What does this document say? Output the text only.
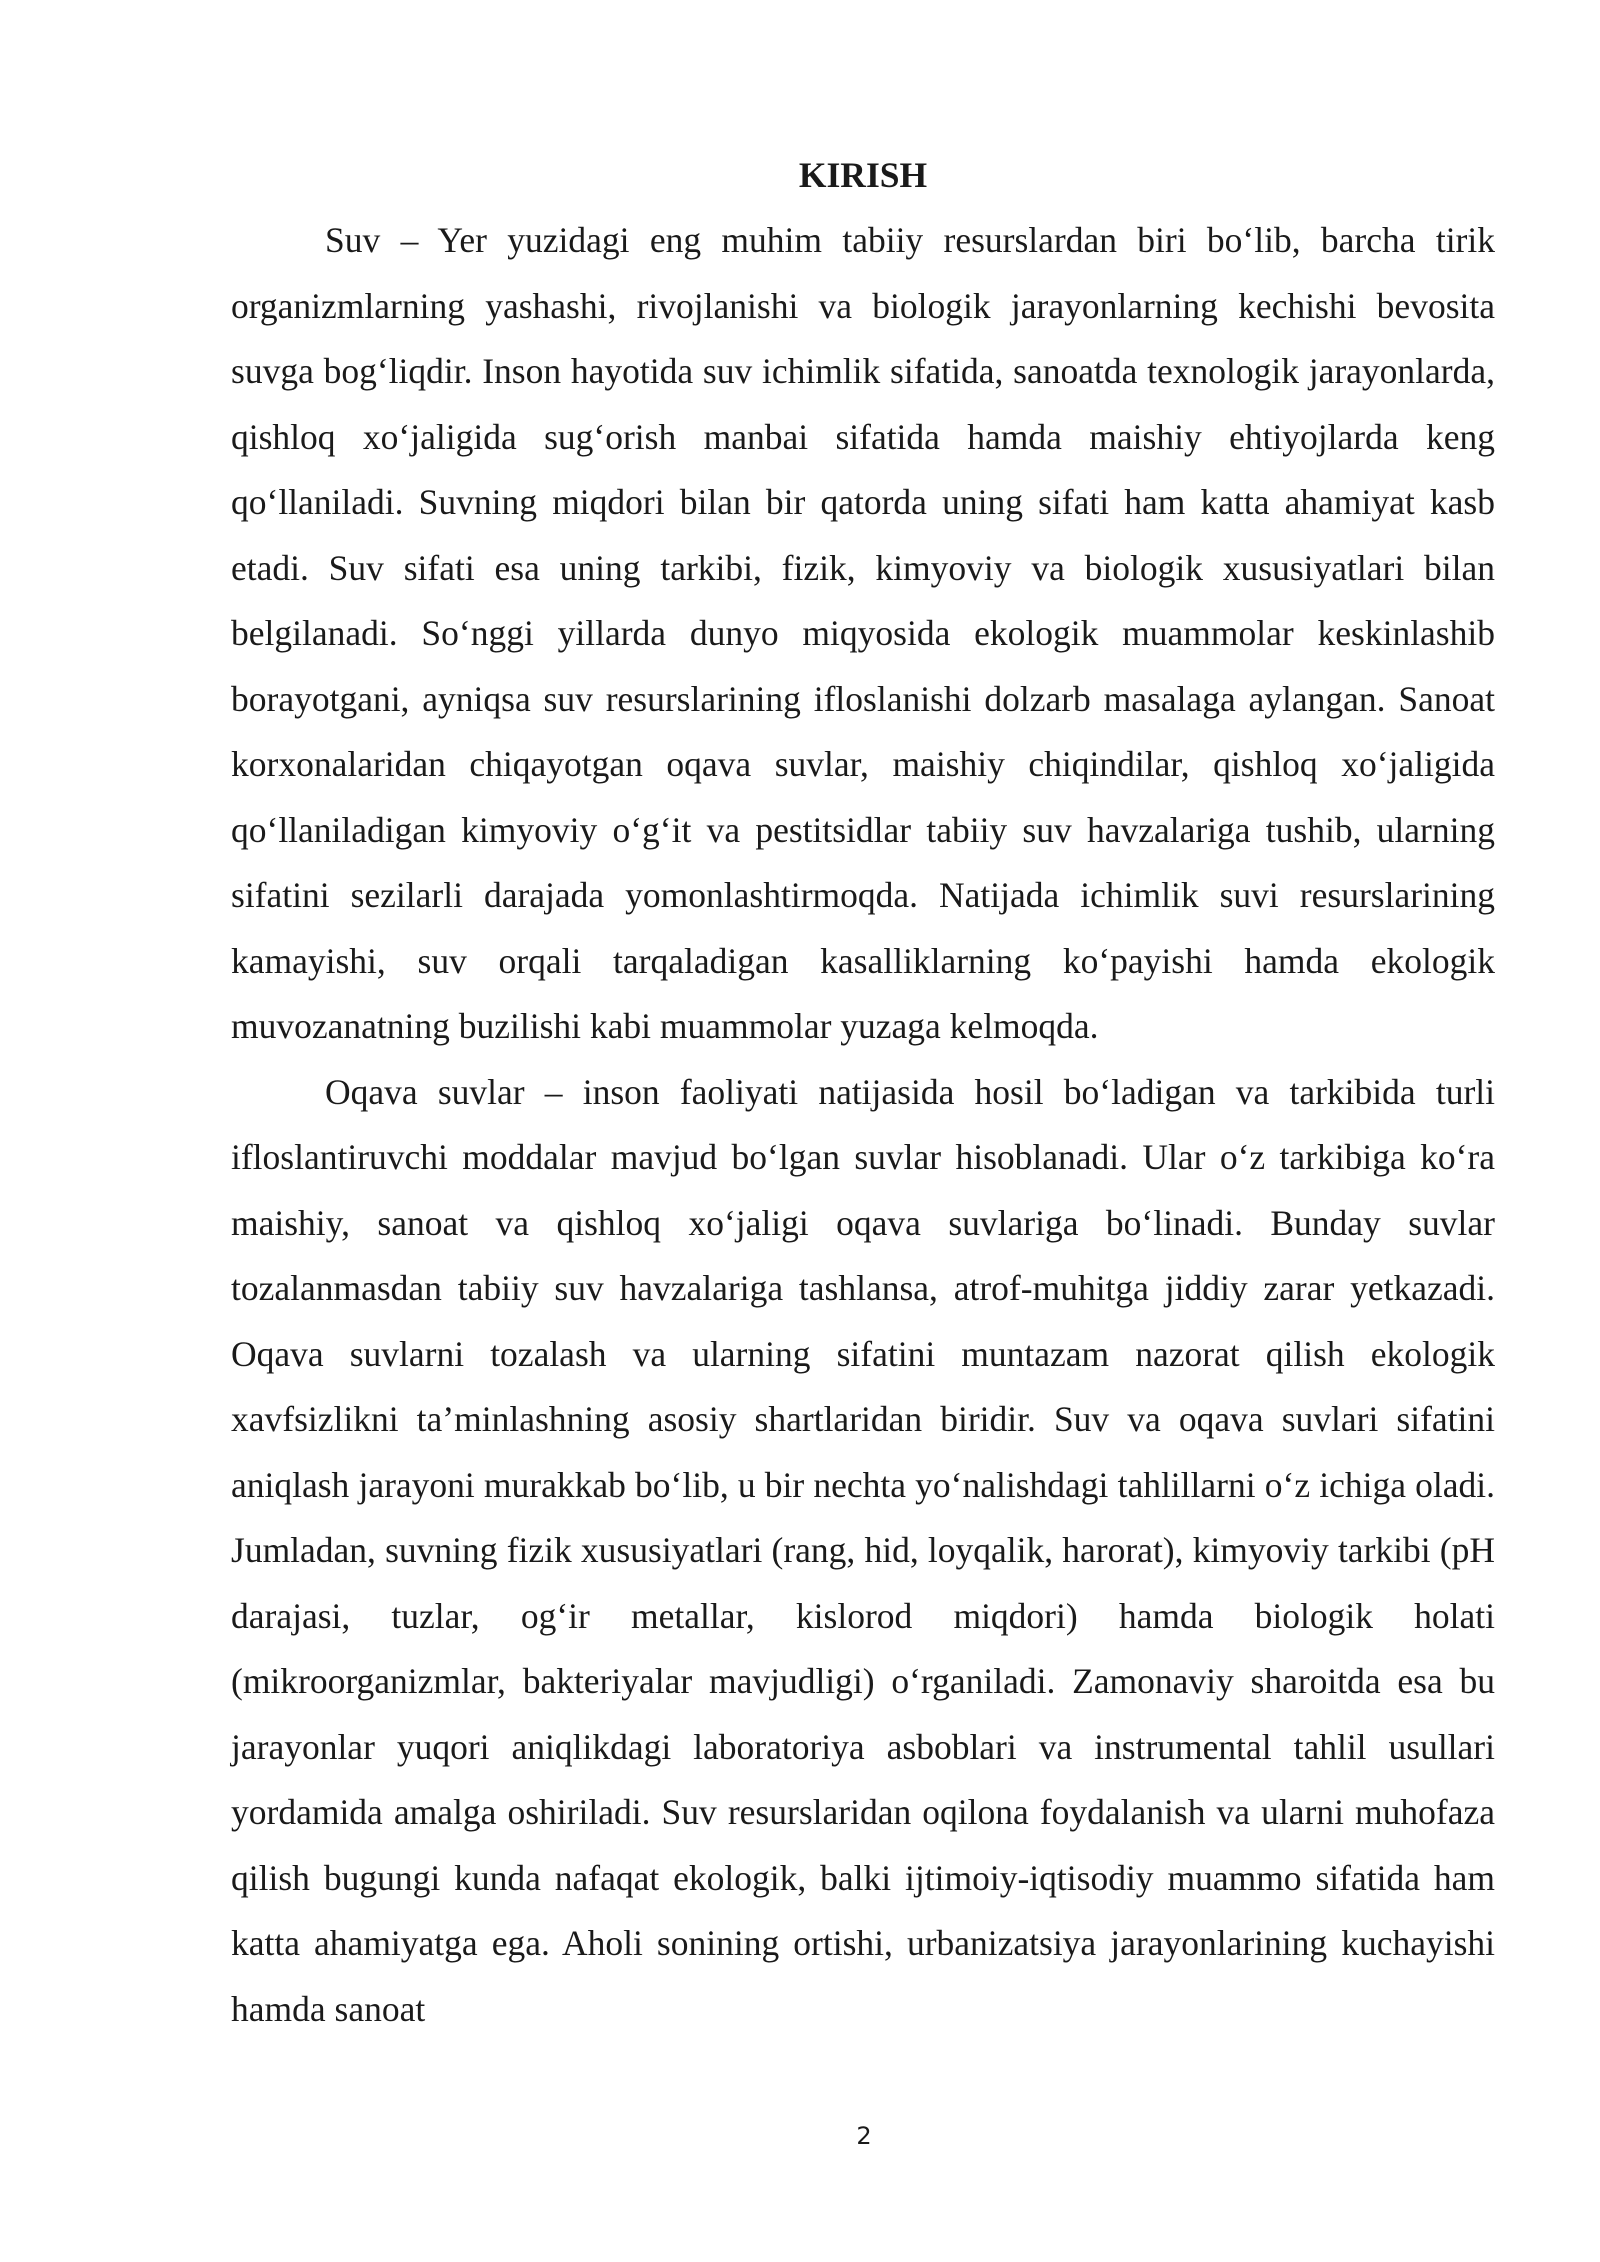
KIRISH

Suv – Yer yuzidagi eng muhim tabiiy resurslardan biri bo‘lib, barcha tirik organizmlarning yashashi, rivojlanishi va biologik jarayonlarning kechishi bevosita suvga bog‘liqdir. Inson hayotida suv ichimlik sifatida, sanoatda texnologik jarayonlarda, qishloq xo‘jaligida sug‘orish manbai sifatida hamda maishiy ehtiyojlarda keng qo‘llaniladi. Suvning miqdori bilan bir qatorda uning sifati ham katta ahamiyat kasb etadi. Suv sifati esa uning tarkibi, fizik, kimyoviy va biologik xususiyatlari bilan belgilanadi. So‘nggi yillarda dunyo miqyosida ekologik muammolar keskinlashib borayotgani, ayniqsa suv resurslarining ifloslanishi dolzarb masalaga aylangan. Sanoat korxonalaridan chiqayotgan oqava suvlar, maishiy chiqindilar, qishloq xo‘jaligida qo‘llaniladigan kimyoviy o‘g‘it va pestitsidlar tabiiy suv havzalariga tushib, ularning sifatini sezilarli darajada yomonlashtirmoqda. Natijada ichimlik suvi resurslarining kamayishi, suv orqali tarqaladigan kasalliklarning ko‘payishi hamda ekologik muvozanatning buzilishi kabi muammolar yuzaga kelmoqda.

Oqava suvlar – inson faoliyati natijasida hosil bo‘ladigan va tarkibida turli ifloslantiruvchi moddalar mavjud bo‘lgan suvlar hisoblanadi. Ular o‘z tarkibiga ko‘ra maishiy, sanoat va qishloq xo‘jaligi oqava suvlariga bo‘linadi. Bunday suvlar tozalanmasdan tabiiy suv havzalariga tashlansa, atrof-muhitga jiddiy zarar yetkazadi. Oqava suvlarni tozalash va ularning sifatini muntazam nazorat qilish ekologik xavfsizlikni ta’minlashning asosiy shartlaridan biridir. Suv va oqava suvlari sifatini aniqlash jarayoni murakkab bo‘lib, u bir nechta yo‘nalishdagi tahlillarni o‘z ichiga oladi. Jumladan, suvning fizik xususiyatlari (rang, hid, loyqalik, harorat), kimyoviy tarkibi (pH darajasi, tuzlar, og‘ir metallar, kislorod miqdori) hamda biologik holati (mikroorganizmlar, bakteriyalar mavjudligi) o‘rganiladi. Zamonaviy sharoitda esa bu jarayonlar yuqori aniqlikdagi laboratoriya asboblari va instrumental tahlil usullari yordamida amalga oshiriladi. Suv resurslaridan oqilona foydalanish va ularni muhofaza qilish bugungi kunda nafaqat ekologik, balki ijtimoiy-iqtisodiy muammo sifatida ham katta ahamiyatga ega. Aholi sonining ortishi, urbanizatsiya jarayonlarining kuchayishi hamda sanoat

2
